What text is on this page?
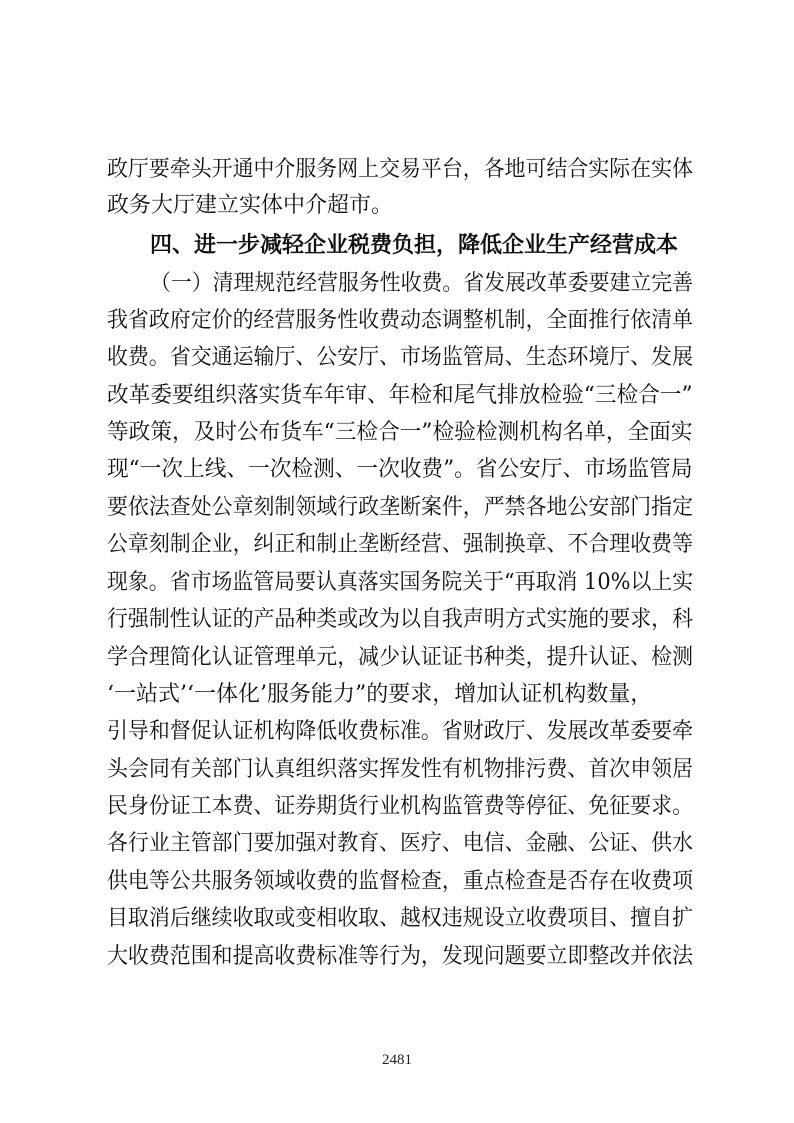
政厅要牵头开通中介服务网上交易平台，各地可结合实际在实体
政务大厅建立实体中介超市。
四、进一步减轻企业税费负担，降低企业生产经营成本
（一）清理规范经营服务性收费。省发展改革委要建立完善
我省政府定价的经营服务性收费动态调整机制，全面推行依清单
收费。省交通运输厅、公安厅、市场监管局、生态环境厅、发展
改革委要组织落实货车年审、年检和尾气排放检验“三检合一”
等政策，及时公布货车“三检合一”检验检测机构名单，全面实
现“一次上线、一次检测、一次收费”。省公安厅、市场监管局
要依法查处公章刻制领域行政垄断案件，严禁各地公安部门指定
公章刻制企业，纠正和制止垄断经营、强制换章、不合理收费等
现象。省市场监管局要认真落实国务院关于“再取消 10%以上实
行强制性认证的产品种类或改为以自我声明方式实施的要求，科
学合理简化认证管理单元，减少认证证书种类，提升认证、检测
‘一站式’‘一体化’服务能力”的要求，增加认证机构数量，
引导和督促认证机构降低收费标准。省财政厅、发展改革委要牵
头会同有关部门认真组织落实挥发性有机物排污费、首次申领居
民身份证工本费、证券期货行业机构监管费等停征、免征要求。
各行业主管部门要加强对教育、医疗、电信、金融、公证、供水
供电等公共服务领域收费的监督检查，重点检查是否存在收费项
目取消后继续收取或变相收取、越权违规设立收费项目、擅自扩
大收费范围和提高收费标准等行为，发现问题要立即整改并依法
2481
